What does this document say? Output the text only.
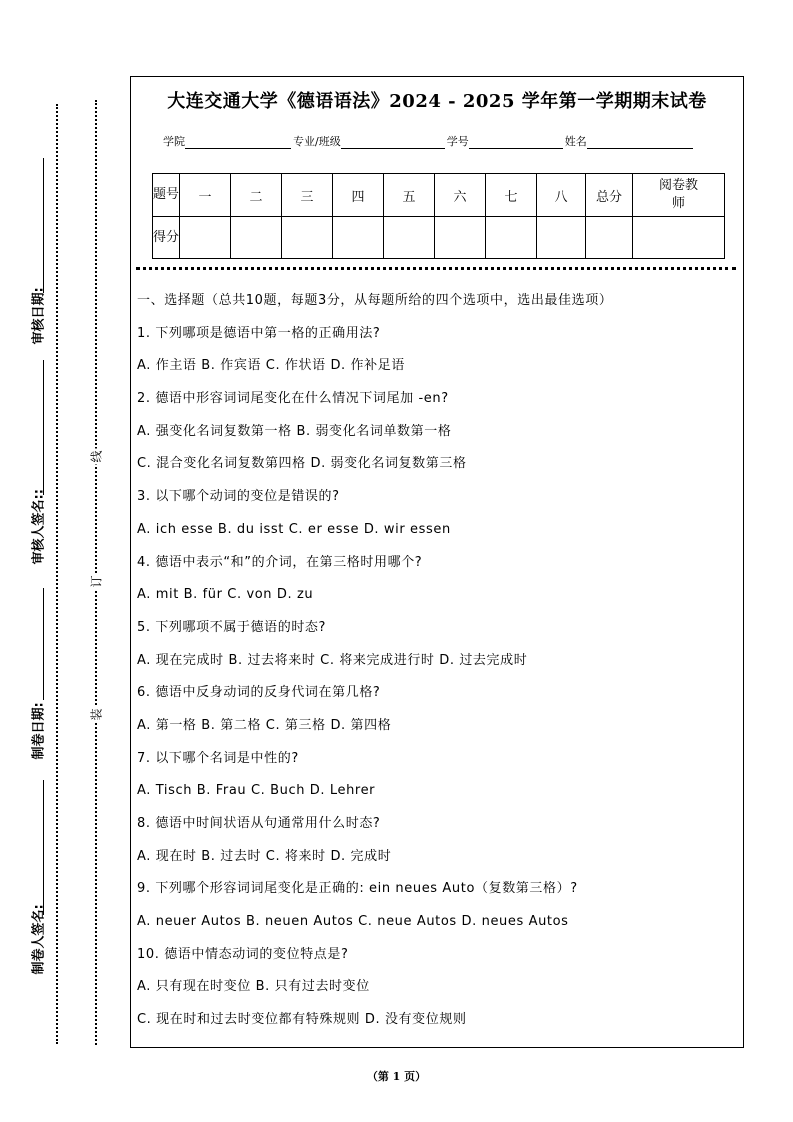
审核日期:
审核人签名::
制卷日期:
制卷人签名:
线
订
装
大连交通大学《德语语法》2024 - 2025 学年第一学期期末试卷
学院	专业/班级	学号	姓名
题号	一	二	三	四	五	六	七	八	总分	阅卷教师
得分										
一、选择题（总共10题，每题3分，从每题所给的四个选项中，选出最佳选项）
1. 下列哪项是德语中第一格的正确用法?
A. 作主语 B. 作宾语 C. 作状语 D. 作补足语
2. 德语中形容词词尾变化在什么情况下词尾加 -en?
A. 强变化名词复数第一格 B. 弱变化名词单数第一格
C. 混合变化名词复数第四格 D. 弱变化名词复数第三格
3. 以下哪个动词的变位是错误的?
A. ich esse B. du isst C. er esse D. wir essen
4. 德语中表示“和”的介词，在第三格时用哪个?
A. mit B. für C. von D. zu
5. 下列哪项不属于德语的时态?
A. 现在完成时 B. 过去将来时 C. 将来完成进行时 D. 过去完成时
6. 德语中反身动词的反身代词在第几格?
A. 第一格 B. 第二格 C. 第三格 D. 第四格
7. 以下哪个名词是中性的?
A. Tisch B. Frau C. Buch D. Lehrer
8. 德语中时间状语从句通常用什么时态?
A. 现在时 B. 过去时 C. 将来时 D. 完成时
9. 下列哪个形容词词尾变化是正确的: ein neues Auto（复数第三格）?
A. neuer Autos B. neuen Autos C. neue Autos D. neues Autos
10. 德语中情态动词的变位特点是?
A. 只有现在时变位 B. 只有过去时变位
C. 现在时和过去时变位都有特殊规则 D. 没有变位规则
（第 1 页）
